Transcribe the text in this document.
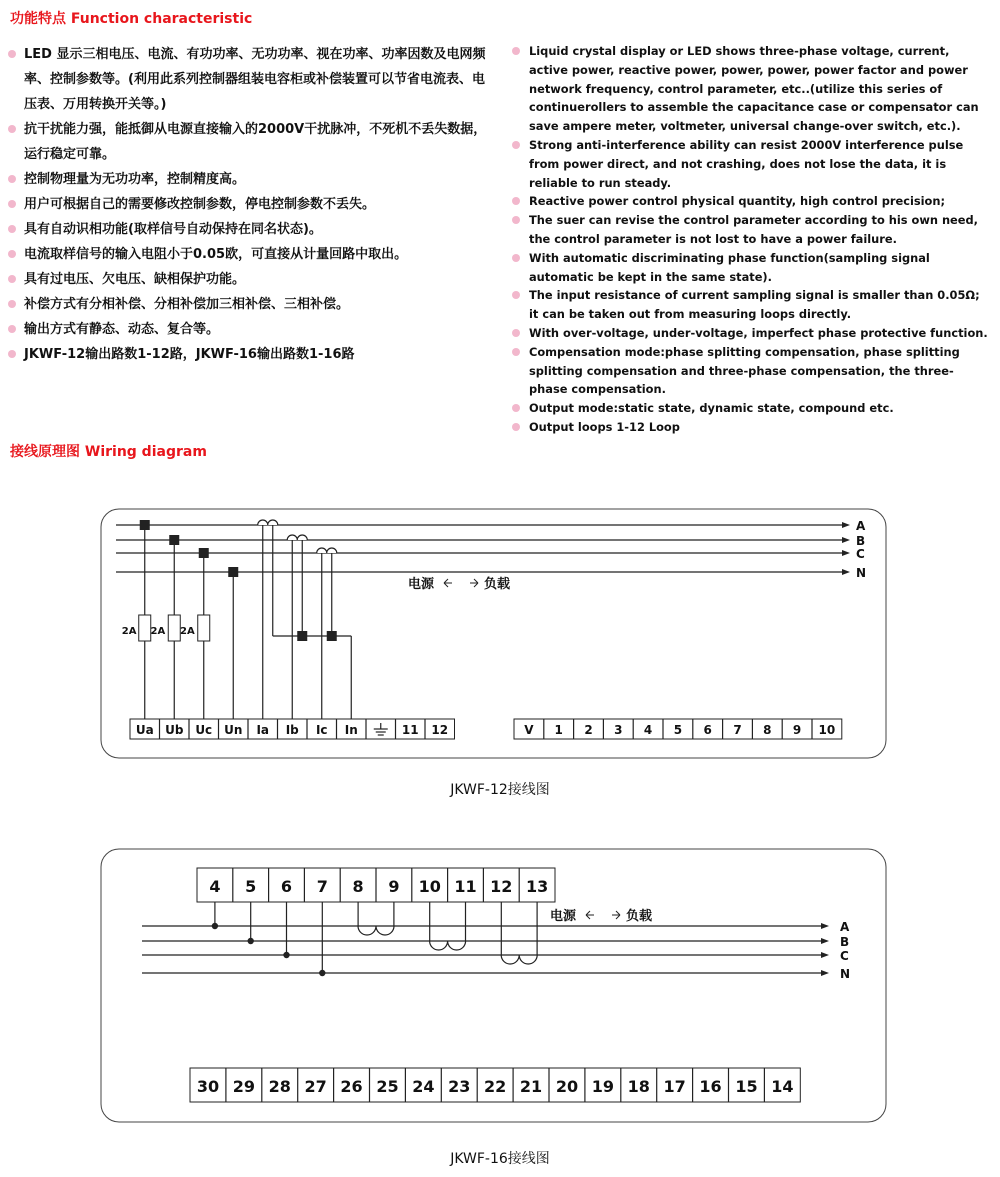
功能特点 Function characteristic
LED 显示三相电压、电流、有功功率、无功功率、视在功率、功率因数及电网频率、控制参数等。(利用此系列控制器组装电容柜或补偿装置可以节省电流表、电压表、万用转换开关等。)
抗干扰能力强，能抵御从电源直接输入的2000V干扰脉冲，不死机不丢失数据，运行稳定可靠。
控制物理量为无功功率，控制精度高。
用户可根据自己的需要修改控制参数，停电控制参数不丢失。
具有自动识相功能(取样信号自动保持在同名状态)。
电流取样信号的输入电阻小于0.05欧，可直接从计量回路中取出。
具有过电压、欠电压、缺相保护功能。
补偿方式有分相补偿、分相补偿加三相补偿、三相补偿。
输出方式有静态、动态、复合等。
JKWF-12输出路数1-12路，JKWF-16输出路数1-16路
Liquid crystal display or LED shows three-phase voltage, current, active power, reactive power, power, power, power factor and power network frequency, control parameter, etc..(utilize this series of continuerollers to assemble the capacitance case or compensator can save ampere meter, voltmeter, universal change-over switch, etc.).
Strong anti-interference ability can resist 2000V interference pulse from power direct, and not crashing, does not lose the data, it is reliable to run steady.
Reactive power control physical quantity, high control precision;
The suer can revise the control parameter according to his own need, the control parameter is not lost to have a power failure.
With automatic discriminating phase function(sampling signal automatic be kept in the same state).
The input resistance of current sampling signal is smaller than 0.05Ω; it can be taken out from measuring loops directly.
With over-voltage, under-voltage, imperfect phase protective function.
Compensation mode:phase splitting compensation, phase splitting splitting compensation and three-phase compensation, the three-phase compensation.
Output mode:static state, dynamic state, compound etc.
Output loops 1-12 Loop
接线原理图 Wiring diagram
A
B
C
N
电源	负载
Ua Ub Uc Un Ia Ib Ic In	11 12	V 1 2 3 4 5 6 7 8 9 10
2A 2A 2A
JKWF-12接线图
A
B
C
N
电源	负载
4 5 6 7 8 9 10 11 12 13
30 29 28 27 26 25 24 23 22 21 20 19 18 17 16 15 14
JKWF-16接线图
